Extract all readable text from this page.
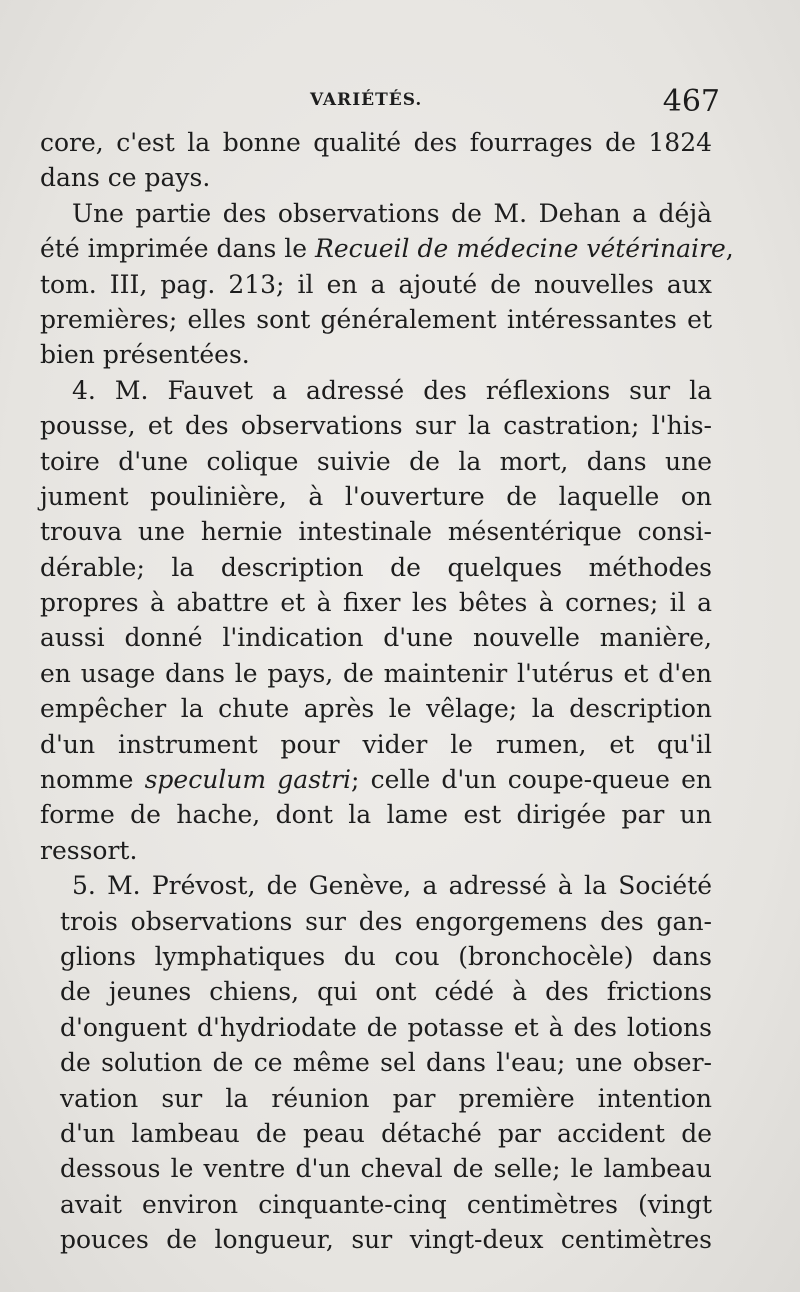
VARIÉTÉS.	467
core, c'est la bonne qualité des fourrages de 1824
dans ce pays.
Une partie des observations de M. Dehan a déjà
été imprimée dans le Recueil de médecine vétérinaire,
tom. III, pag. 213; il en a ajouté de nouvelles aux
premières; elles sont généralement intéressantes et
bien présentées.
4. M. Fauvet a adressé des réflexions sur la
pousse, et des observations sur la castration; l'his-
toire d'une colique suivie de la mort, dans une
jument poulinière, à l'ouverture de laquelle on
trouva une hernie intestinale mésentérique consi-
dérable; la description de quelques méthodes
propres à abattre et à fixer les bêtes à cornes; il a
aussi donné l'indication d'une nouvelle manière,
en usage dans le pays, de maintenir l'utérus et d'en
empêcher la chute après le vêlage; la description
d'un instrument pour vider le rumen, et qu'il
nomme speculum gastri; celle d'un coupe-queue en
forme de hache, dont la lame est dirigée par un
ressort.
5. M. Prévost, de Genève, a adressé à la Société
trois observations sur des engorgemens des gan-
glions lymphatiques du cou (bronchocèle) dans
de jeunes chiens, qui ont cédé à des frictions
d'onguent d'hydriodate de potasse et à des lotions
de solution de ce même sel dans l'eau; une obser-
vation sur la réunion par première intention
d'un lambeau de peau détaché par accident de
dessous le ventre d'un cheval de selle; le lambeau
avait environ cinquante-cinq centimètres (vingt
pouces de longueur, sur vingt-deux centimètres
